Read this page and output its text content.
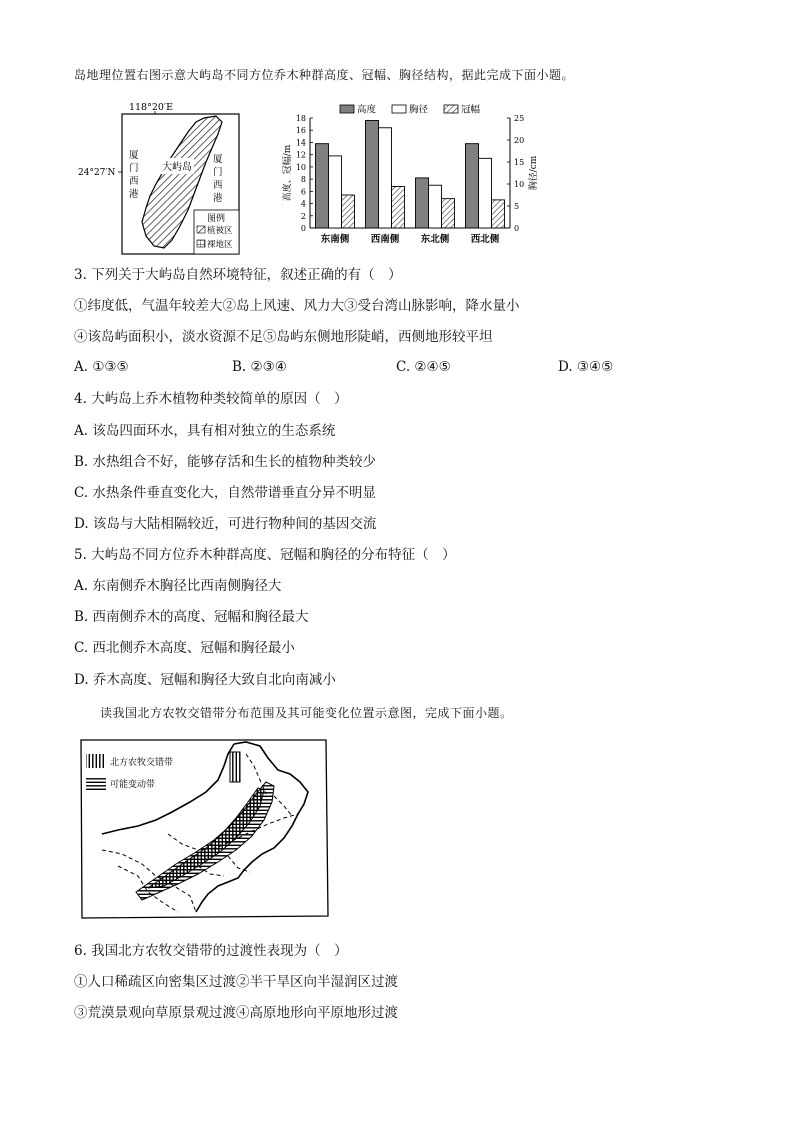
岛地理位置右图示意大屿岛不同方位乔木种群高度、冠幅、胸径结构，据此完成下面小题。
118°20′E
24°27′N	大屿岛
厦
门
西
港
厦
门
西
港
图例
植被区
裸地区
高度	胸径	冠幅
高度、冠幅/m	胸径/cm
0
2
4
6
8
10
12
14
16
18
0
5
10
15
20
25
东南侧 西南侧 东北侧 西北侧
3. 下列关于大屿岛自然环境特征，叙述正确的有（　）
①纬度低，气温年较差大②岛上风速、风力大③受台湾山脉影响，降水量小
④该岛屿面积小，淡水资源不足⑤岛屿东侧地形陡峭，西侧地形较平坦
A. ①③⑤	B. ②③④	C. ②④⑤	D. ③④⑤
4. 大屿岛上乔木植物种类较简单的原因（　）
A. 该岛四面环水，具有相对独立的生态系统
B. 水热组合不好，能够存活和生长的植物种类较少
C. 水热条件垂直变化大，自然带谱垂直分异不明显
D. 该岛与大陆相隔较近，可进行物种间的基因交流
5. 大屿岛不同方位乔木种群高度、冠幅和胸径的分布特征（　）
A. 东南侧乔木胸径比西南侧胸径大
B. 西南侧乔木的高度、冠幅和胸径最大
C. 西北侧乔木高度、冠幅和胸径最小
D. 乔木高度、冠幅和胸径大致自北向南减小
读我国北方农牧交错带分布范围及其可能变化位置示意图，完成下面小题。
北方农牧交错带
可能变动带
6. 我国北方农牧交错带的过渡性表现为（　）
①人口稀疏区向密集区过渡②半干旱区向半湿润区过渡
③荒漠景观向草原景观过渡④高原地形向平原地形过渡
